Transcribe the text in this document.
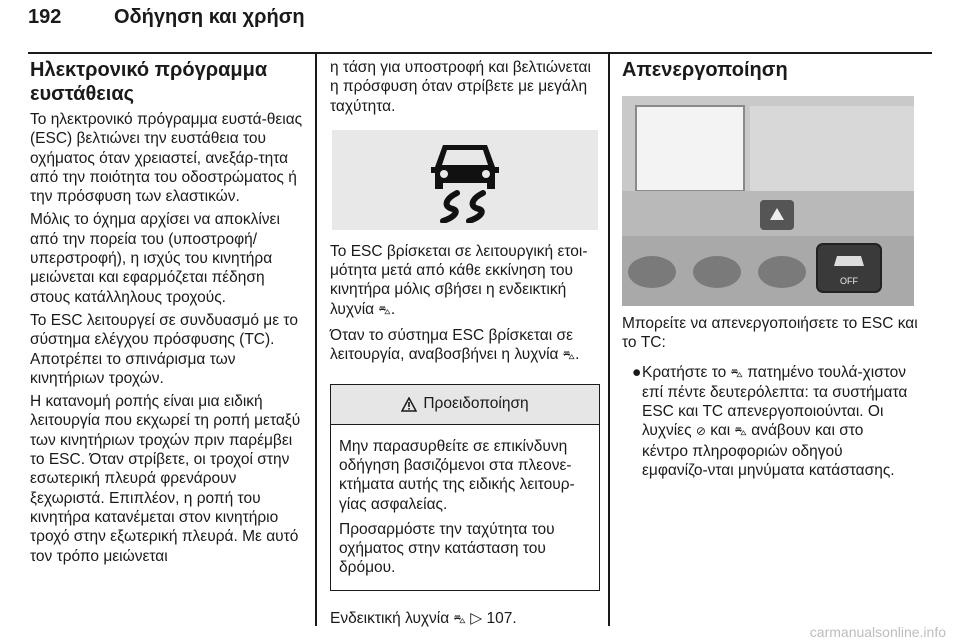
192	Οδήγηση και χρήση
Ηλεκτρονικό πρόγραμμα ευστάθειας

Το ηλεκτρονικό πρόγραμμα ευστά-θειας (ESC) βελτιώνει την ευστάθεια του οχήματος όταν χρειαστεί, ανεξάρ-τητα από την ποιότητα του οδοστρώματος ή την πρόσφυση των ελαστικών.

Μόλις το όχημα αρχίσει να αποκλίνει από την πορεία του (υποστροφή/υπερστροφή), η ισχύς του κινητήρα μειώνεται και εφαρμόζεται πέδηση στους κατάλληλους τροχούς.

Το ESC λειτουργεί σε συνδυασμό με το σύστημα ελέγχου πρόσφυσης (TC). Αποτρέπει το σπινάρισμα των κινητήριων τροχών.

Η κατανομή ροπής είναι μια ειδική λειτουργία που εκχωρεί τη ροπή μεταξύ των κινητήριων τροχών πριν παρέμβει το ESC. Όταν στρίβετε, οι τροχοί στην εσωτερική πλευρά φρενάρουν ξεχωριστά. Επιπλέον, η ροπή του κινητήρα κατανέμεται στον κινητήριο τροχό στην εξωτερική πλευρά. Με αυτό τον τρόπο μειώνεται

η τάση για υποστροφή και βελτιώνεται η πρόσφυση όταν στρίβετε με μεγάλη ταχύτητα.

Το ESC βρίσκεται σε λειτουργική ετοι-μότητα μετά από κάθε εκκίνηση του κινητήρα μόλις σβήσει η ενδεικτική λυχνία ⛍.

Όταν το σύστημα ESC βρίσκεται σε λειτουργία, αναβοσβήνει η λυχνία ⛍.

Προειδοποίηση

Μην παρασυρθείτε σε επικίνδυνη οδήγηση βασιζόμενοι στα πλεονε-κτήματα αυτής της ειδικής λειτουρ-γίας ασφαλείας.

Προσαρμόστε την ταχύτητα του οχήματος στην κατάσταση του δρόμου.

Ενδεικτική λυχνία ⛍ ▷ 107.

Απενεργοποίηση
OFF

Μπορείτε να απενεργοποιήσετε το ESC και το TC:

● Κρατήστε το ⛍ πατημένο τουλά-χιστον επί πέντε δευτερόλεπτα: τα συστήματα ESC και TC απενεργοποιούνται. Οι λυχνίες ⊘ και ⛍ ανάβουν και στο κέντρο πληροφοριών οδηγού εμφανίζο-νται μηνύματα κατάστασης.
carmanualsonline.info
